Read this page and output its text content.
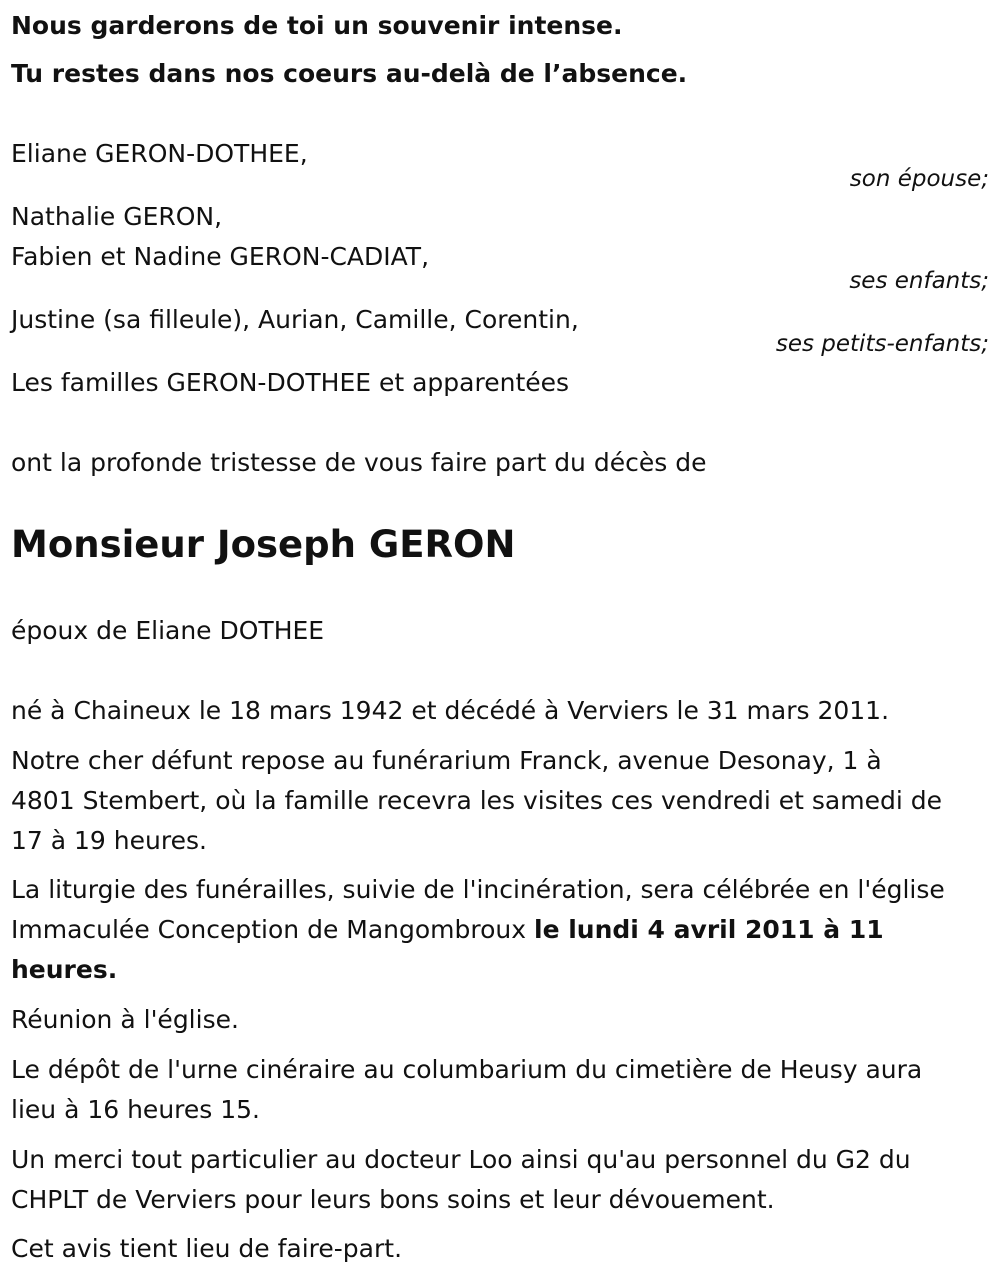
Nous garderons de toi un souvenir intense.
Tu restes dans nos coeurs au-delà de l’absence.
Eliane GERON-DOTHEE,
son épouse;
Nathalie GERON,
Fabien et Nadine GERON-CADIAT,
ses enfants;
Justine (sa filleule), Aurian, Camille, Corentin,
ses petits-enfants;
Les familles GERON-DOTHEE et apparentées
ont la profonde tristesse de vous faire part du décès de
Monsieur Joseph GERON
époux de Eliane DOTHEE
né à Chaineux le 18 mars 1942 et décédé à Verviers le 31 mars 2011.
Notre cher défunt repose au funérarium Franck, avenue Desonay, 1 à
4801 Stembert, où la famille recevra les visites ces vendredi et samedi de
17 à 19 heures.
La liturgie des funérailles, suivie de l'incinération, sera célébrée en l'église
Immaculée Conception de Mangombroux le lundi 4 avril 2011 à 11
heures.
Réunion à l'église.
Le dépôt de l'urne cinéraire au columbarium du cimetière de Heusy aura
lieu à 16 heures 15.
Un merci tout particulier au docteur Loo ainsi qu'au personnel du G2 du
CHPLT de Verviers pour leurs bons soins et leur dévouement.
Cet avis tient lieu de faire-part.
